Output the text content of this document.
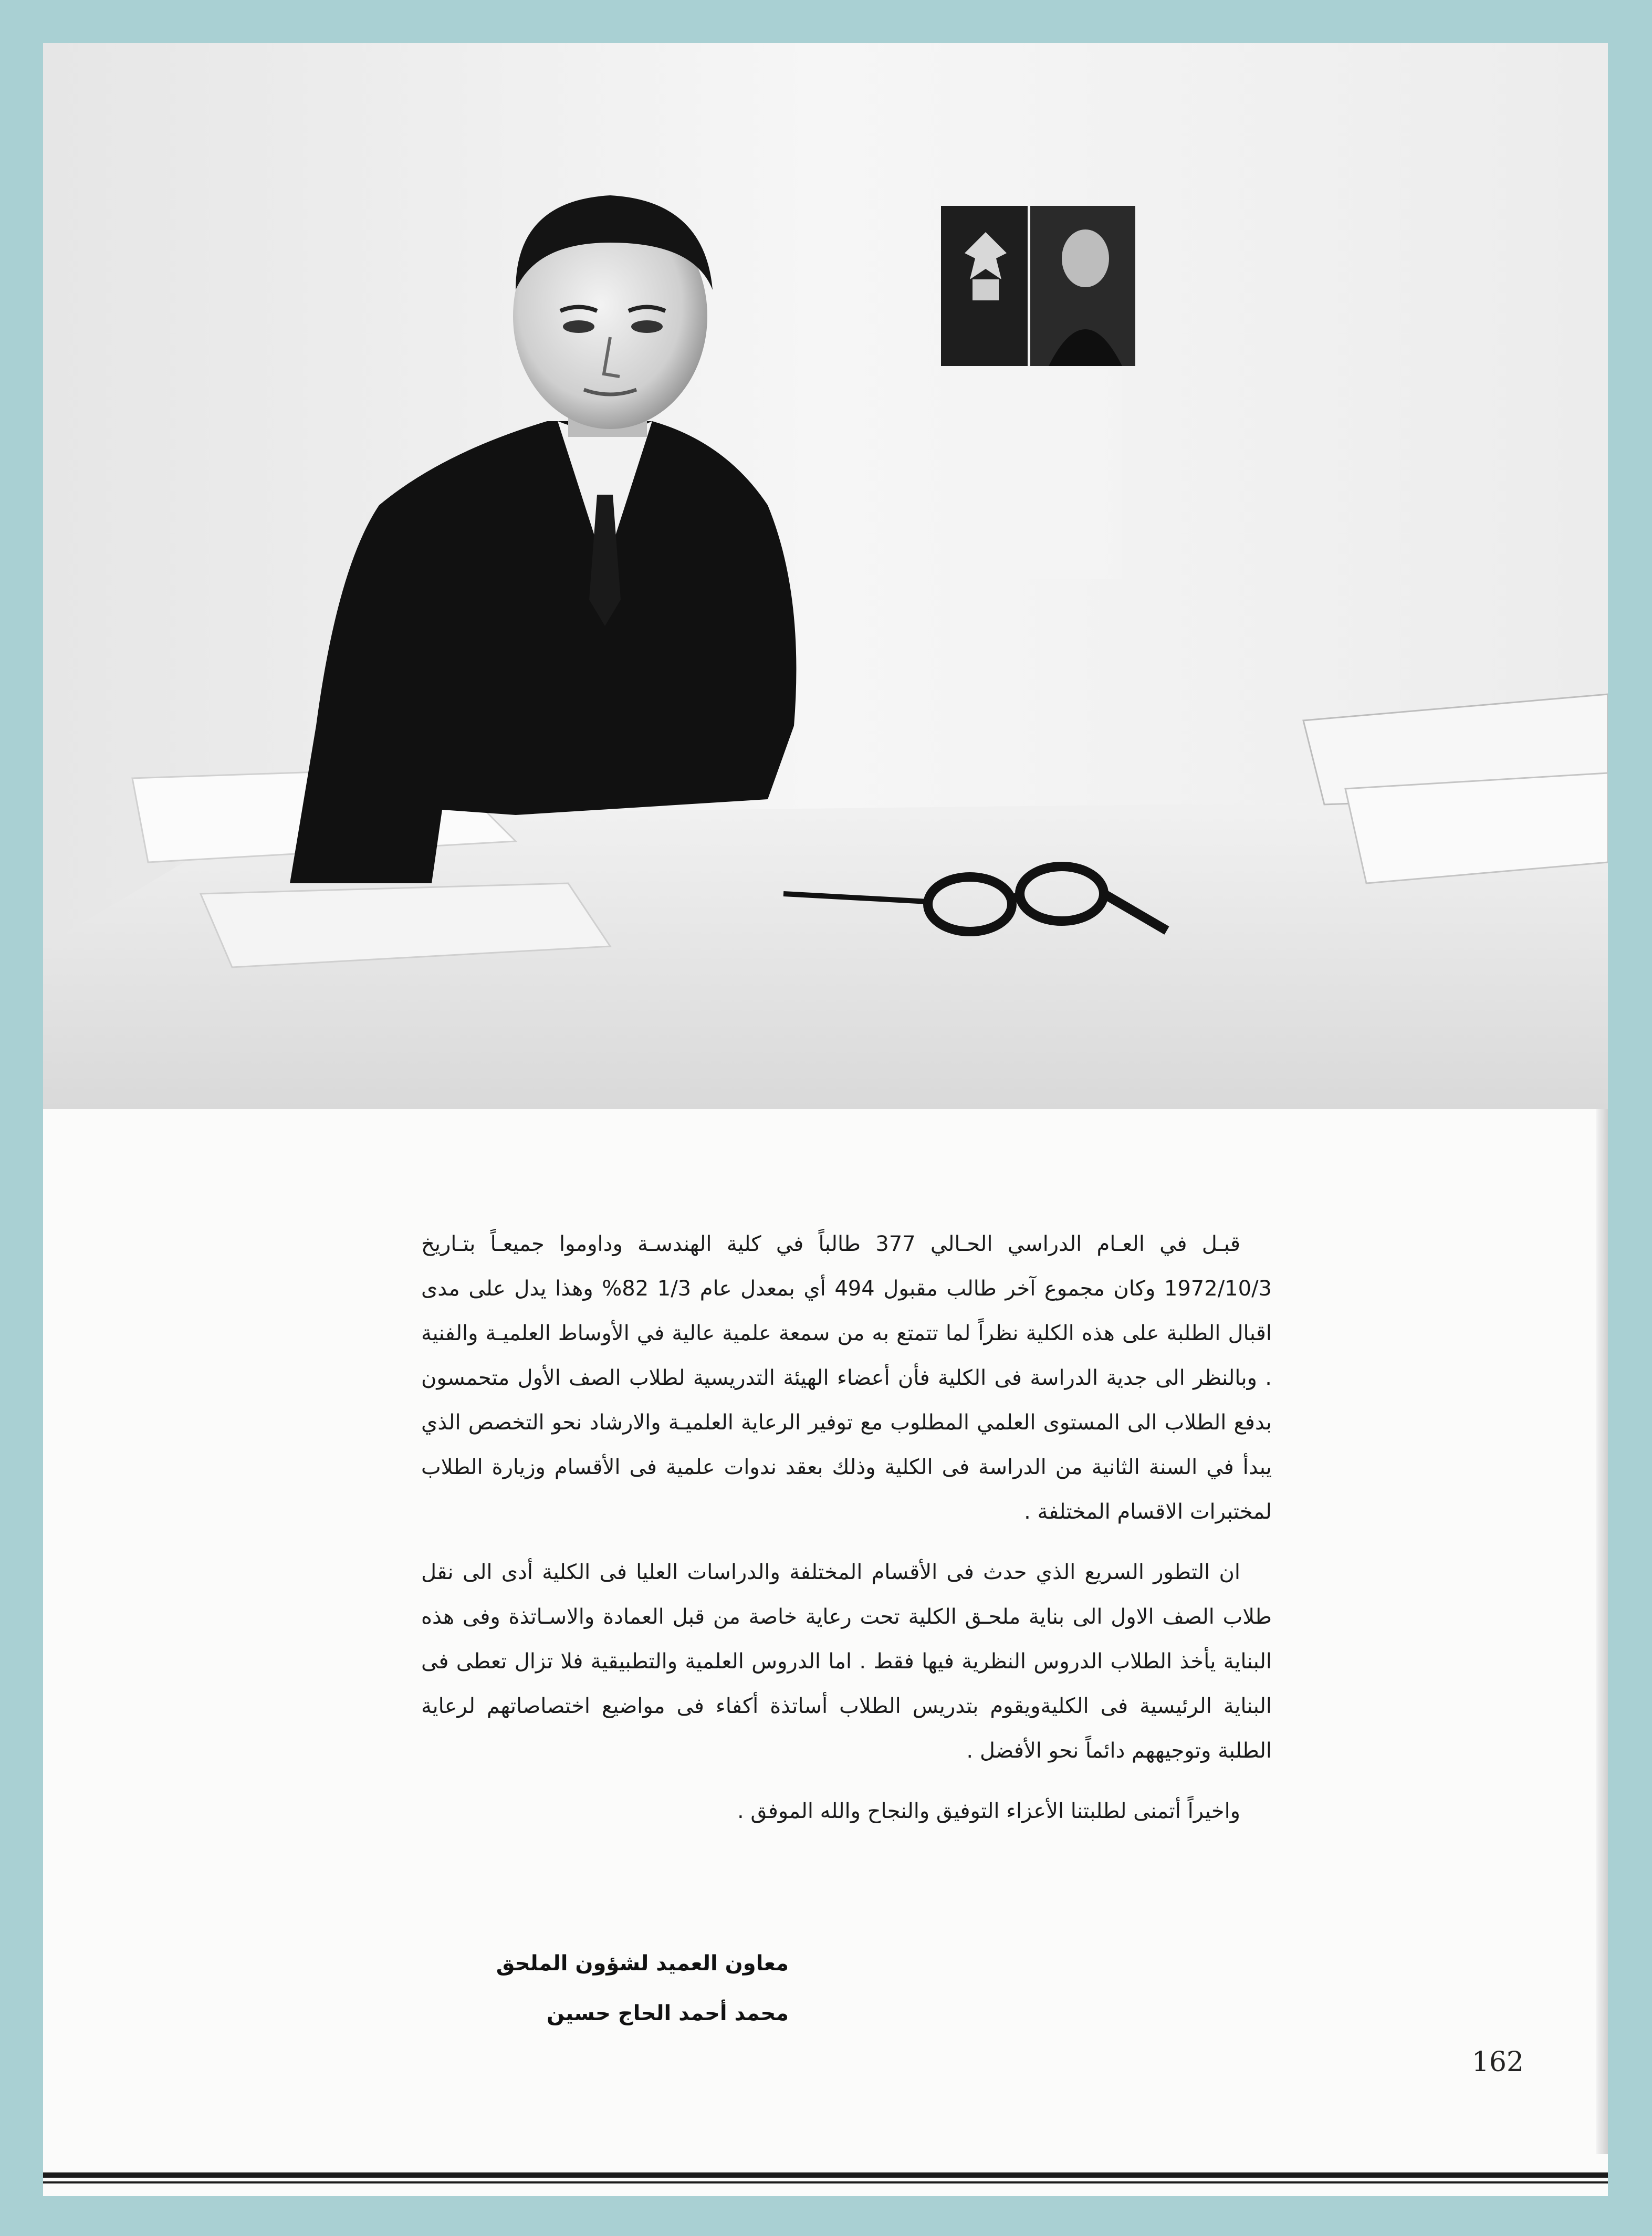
قبـل في العـام الدراسي الحـالي 377 طالباً في كلية الهندسـة وداوموا جميعـاً بتـاريخ 1972/10/3 وكان مجموع آخر طالب مقبول 494 أي بمعدل عام 1/3 82% وهذا يدل على مدى اقبال الطلبة على هذه الكلية نظراً لما تتمتع به من سمعة علمية عالية في الأوساط العلميـة والفنية . وبالنظر الى جدية الدراسة فى الكلية فأن أعضاء الهيئة التدريسية لطلاب الصف الأول متحمسون بدفع الطلاب الى المستوى العلمي المطلوب مع توفير الرعاية العلميـة والارشاد نحو التخصص الذي يبدأ في السنة الثانية من الدراسة فى الكلية وذلك بعقد ندوات علمية فى الأقسام وزيارة الطلاب لمختبرات الاقسام المختلفة .

ان التطور السريع الذي حدث فى الأقسام المختلفة والدراسات العليا فى الكلية أدى الى نقل طلاب الصف الاول الى بناية ملحـق الكلية تحت رعاية خاصة من قبل العمادة والاسـاتذة وفى هذه البناية يأخذ الطلاب الدروس النظرية فيها فقط . اما الدروس العلمية والتطبيقية فلا تزال تعطى فى البناية الرئيسية فى الكليةويقوم بتدريس الطلاب أساتذة أكفاء فى مواضيع اختصاصاتهم لرعاية الطلبة وتوجيههم دائماً نحو الأفضل .

واخيراً أتمنى لطلبتنا الأعزاء التوفيق والنجاح والله الموفق .

معاون العميد لشؤون الملحق
محمد أحمد الحاج حسين
162
